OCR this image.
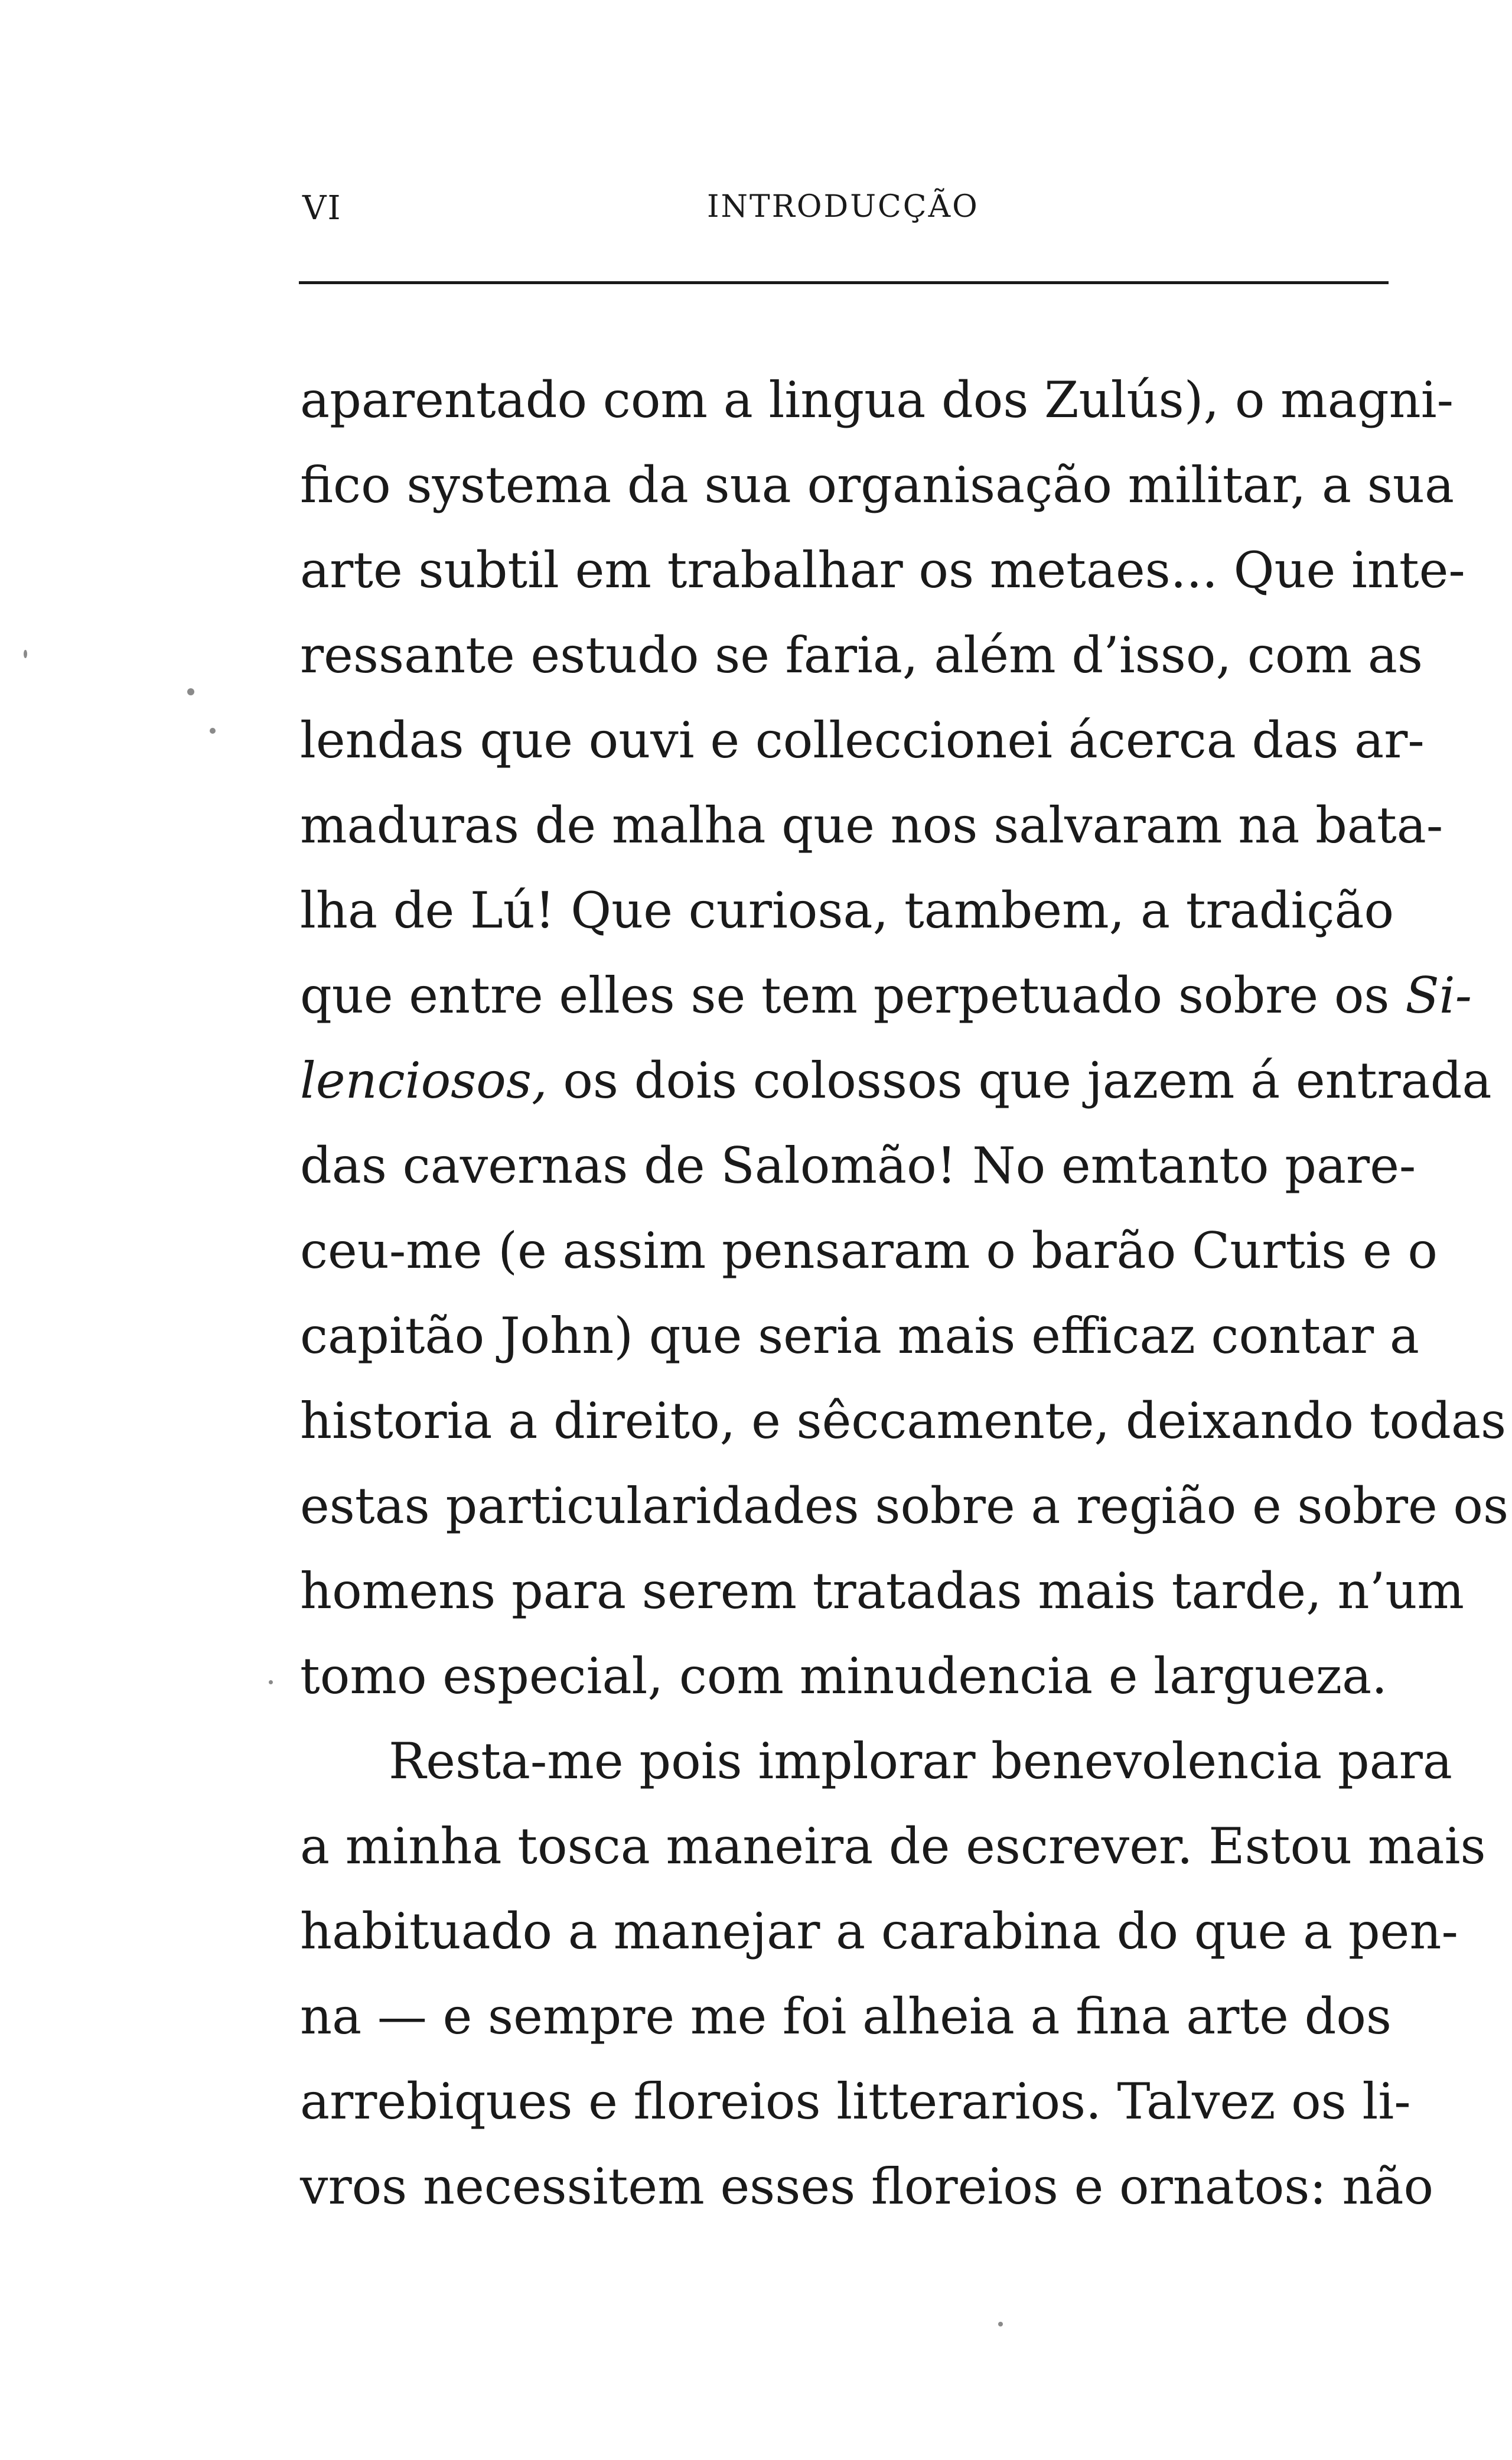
VI	INTRODUCÇÃO
aparentado com a lingua dos Zulús), o magni-
fico systema da sua organisação militar, a sua
arte subtil em trabalhar os metaes... Que inte-
ressante estudo se faria, além d’isso, com as
lendas que ouvi e colleccionei ácerca das ar-
maduras de malha que nos salvaram na bata-
lha de Lú! Que curiosa, tambem, a tradição
que entre elles se tem perpetuado sobre os Si-
lenciosos, os dois colossos que jazem á entrada
das cavernas de Salomão! No emtanto pare-
ceu-me (e assim pensaram o barão Curtis e o
capitão John) que seria mais efficaz contar a
historia a direito, e sêccamente, deixando todas
estas particularidades sobre a região e sobre os
homens para serem tratadas mais tarde, n’um
tomo especial, com minudencia e largueza.
Resta-me pois implorar benevolencia para
a minha tosca maneira de escrever. Estou mais
habituado a manejar a carabina do que a pen-
na — e sempre me foi alheia a fina arte dos
arrebiques e floreios litterarios. Talvez os li-
vros necessitem esses floreios e ornatos: não
